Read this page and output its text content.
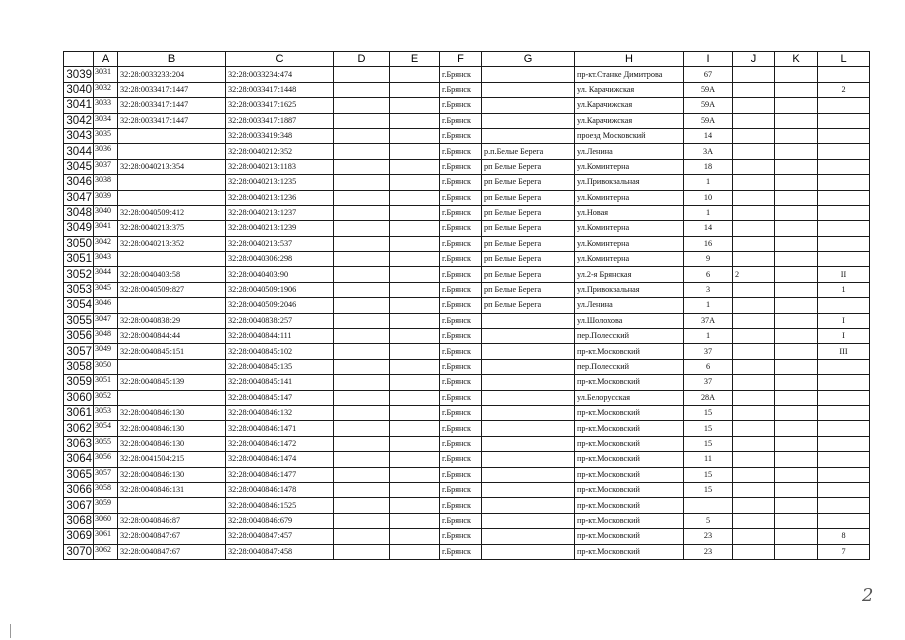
	A	B	C	D	E	F	G	H	I	J	K	L
3039	3031	32:28:0033233:204	32:28:0033234:474			г.Брянск		пр-кт.Станке Димитрова	67			
3040	3032	32:28:0033417:1447	32:28:0033417:1448			г.Брянск		ул. Карачижская	59А			2
3041	3033	32:28:0033417:1447	32:28:0033417:1625			г.Брянск		ул.Карачижская	59А			
3042	3034	32:28:0033417:1447	32:28:0033417:1887			г.Брянск		ул.Карачижская	59А			
3043	3035		32:28:0033419:348			г.Брянск		проезд Московский	14			
3044	3036		32:28:0040212:352			г.Брянск	р.п.Белые Берега	ул.Ленина	3А			
3045	3037	32:28:0040213:354	32:28:0040213:1183			г.Брянск	рп Белые Берега	ул.Коминтерна	18			
3046	3038		32:28:0040213:1235			г.Брянск	рп Белые Берега	ул.Привокзальная	1			
3047	3039		32:28:0040213:1236			г.Брянск	рп Белые Берега	ул.Коминтерна	10			
3048	3040	32:28:0040509:412	32:28:0040213:1237			г.Брянск	рп Белые Берега	ул.Новая	1			
3049	3041	32:28:0040213:375	32:28:0040213:1239			г.Брянск	рп Белые Берега	ул.Коминтерна	14			
3050	3042	32:28:0040213:352	32:28:0040213:537			г.Брянск	рп Белые Берега	ул.Коминтерна	16			
3051	3043		32:28:0040306:298			г.Брянск	рп Белые Берега	ул.Коминтерна	9			
3052	3044	32:28:0040403:58	32:28:0040403:90			г.Брянск	рп Белые Берега	ул.2-я Брянская	6	2		II
3053	3045	32:28:0040509:827	32:28:0040509:1906			г.Брянск	рп Белые Берега	ул.Привокзальная	3			1
3054	3046		32:28:0040509:2046			г.Брянск	рп Белые Берега	ул.Ленина	1			
3055	3047	32:28:0040838:29	32:28:0040838:257			г.Брянск		ул.Шолохова	37А			I
3056	3048	32:28:0040844:44	32:28:0040844:111			г.Брянск		пер.Полесский	1			I
3057	3049	32:28:0040845:151	32:28:0040845:102			г.Брянск		пр-кт.Московский	37			III
3058	3050		32:28:0040845:135			г.Брянск		пер.Полесский	6			
3059	3051	32:28:0040845:139	32:28:0040845:141			г.Брянск		пр-кт.Московский	37			
3060	3052		32:28:0040845:147			г.Брянск		ул.Белорусская	28А			
3061	3053	32:28:0040846:130	32:28:0040846:132			г.Брянск		пр-кт.Московский	15			
3062	3054	32:28:0040846:130	32:28:0040846:1471			г.Брянск		пр-кт.Московский	15			
3063	3055	32:28:0040846:130	32:28:0040846:1472			г.Брянск		пр-кт.Московский	15			
3064	3056	32:28:0041504:215	32:28:0040846:1474			г.Брянск		пр-кт.Московский	11			
3065	3057	32:28:0040846:130	32:28:0040846:1477			г.Брянск		пр-кт.Московский	15			
3066	3058	32:28:0040846:131	32:28:0040846:1478			г.Брянск		пр-кт.Московский	15			
3067	3059		32:28:0040846:1525			г.Брянск		пр-кт.Московский				
3068	3060	32:28:0040846:87	32:28:0040846:679			г.Брянск		пр-кт.Московский	5			
3069	3061	32:28:0040847:67	32:28:0040847:457			г.Брянск		пр-кт.Московский	23			8
3070	3062	32:28:0040847:67	32:28:0040847:458			г.Брянск		пр-кт.Московский	23			7
2
